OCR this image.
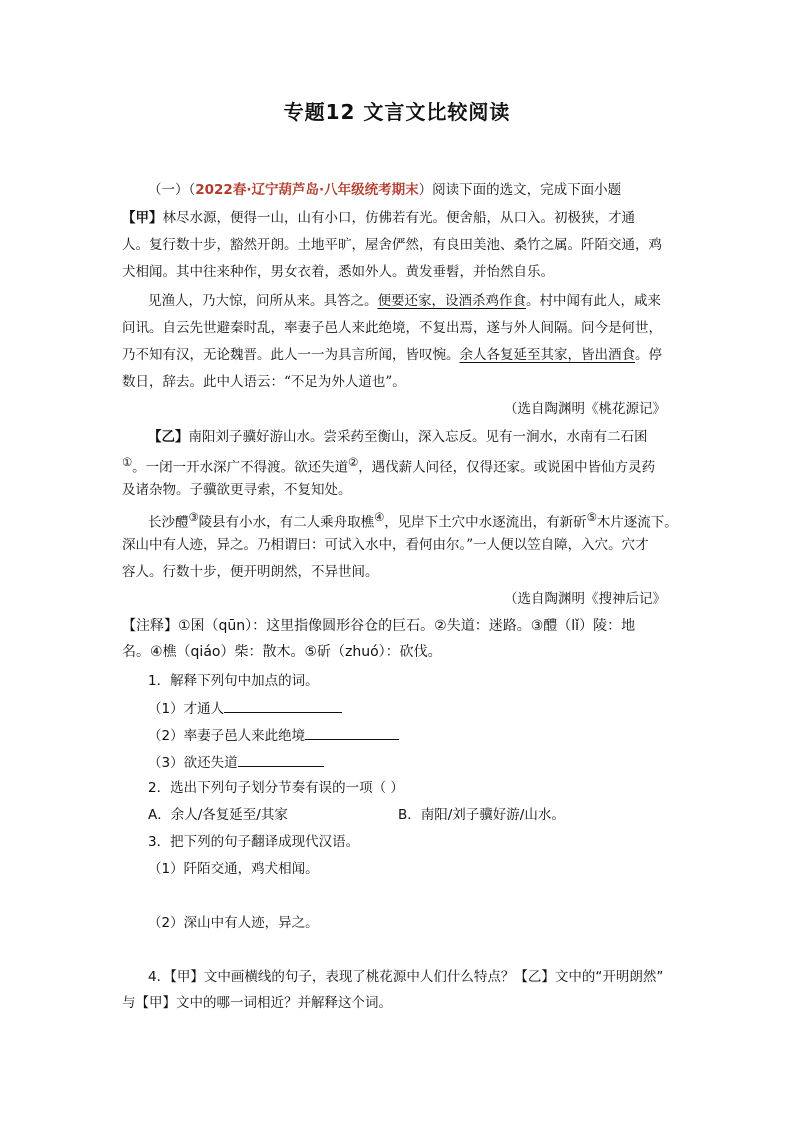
专题12 文言文比较阅读
（一）（2022春·辽宁葫芦岛·八年级统考期末）阅读下面的选文，完成下面小题
【甲】林尽水源，便得一山，山有小口，仿佛若有光。便舍船，从口入。初极狭，才通
人。复行数十步，豁然开朗。土地平旷，屋舍俨然，有良田美池、桑竹之属。阡陌交通，鸡
犬相闻。其中往来种作，男女衣着，悉如外人。黄发垂髫，并怡然自乐。
见渔人，乃大惊，问所从来。具答之。便要还家，设酒杀鸡作食。村中闻有此人，咸来
问讯。自云先世避秦时乱，率妻子邑人来此绝境，不复出焉，遂与外人间隔。问今是何世，
乃不知有汉，无论魏晋。此人一一为具言所闻，皆叹惋。余人各复延至其家，皆出酒食。停
数日，辞去。此中人语云：“不足为外人道也”。
（选自陶渊明《桃花源记》
【乙】南阳刘子骥好游山水。尝采药至衡山，深入忘反。见有一涧水，水南有二石囷
①。一闭一开水深广不得渡。欲还失道②，遇伐薪人问径，仅得还家。或说囷中皆仙方灵药
及诸杂物。子骥欲更寻索，不复知处。
长沙醴③陵县有小水，有二人乘舟取樵④，见岸下土穴中水逐流出，有新斫⑤木片逐流下。
深山中有人迹，异之。乃相谓曰：可试入水中，看何由尔。”一人便以笠自障，入穴。穴才
容人。行数十步，便开明朗然，不异世间。
（选自陶渊明《搜神后记》
【注释】①囷（qūn）：这里指像圆形谷仓的巨石。②失道：迷路。③醴（lǐ）陵：地
名。④樵（qiáo）柴：散木。⑤斫（zhuó）：砍伐。
1．解释下列句中加点的词。
（1）才通人
（2）率妻子邑人来此绝境
（3）欲还失道
2．选出下列句子划分节奏有误的一项（ ）
A．余人/各复延至/其家	B．南阳/刘子骥好游/山水。
3．把下列的句子翻译成现代汉语。
（1）阡陌交通，鸡犬相闻。
（2）深山中有人迹，异之。
4．【甲】文中画横线的句子，表现了桃花源中人们什么特点？【乙】文中的“开明朗然”
与【甲】文中的哪一词相近？并解释这个词。
